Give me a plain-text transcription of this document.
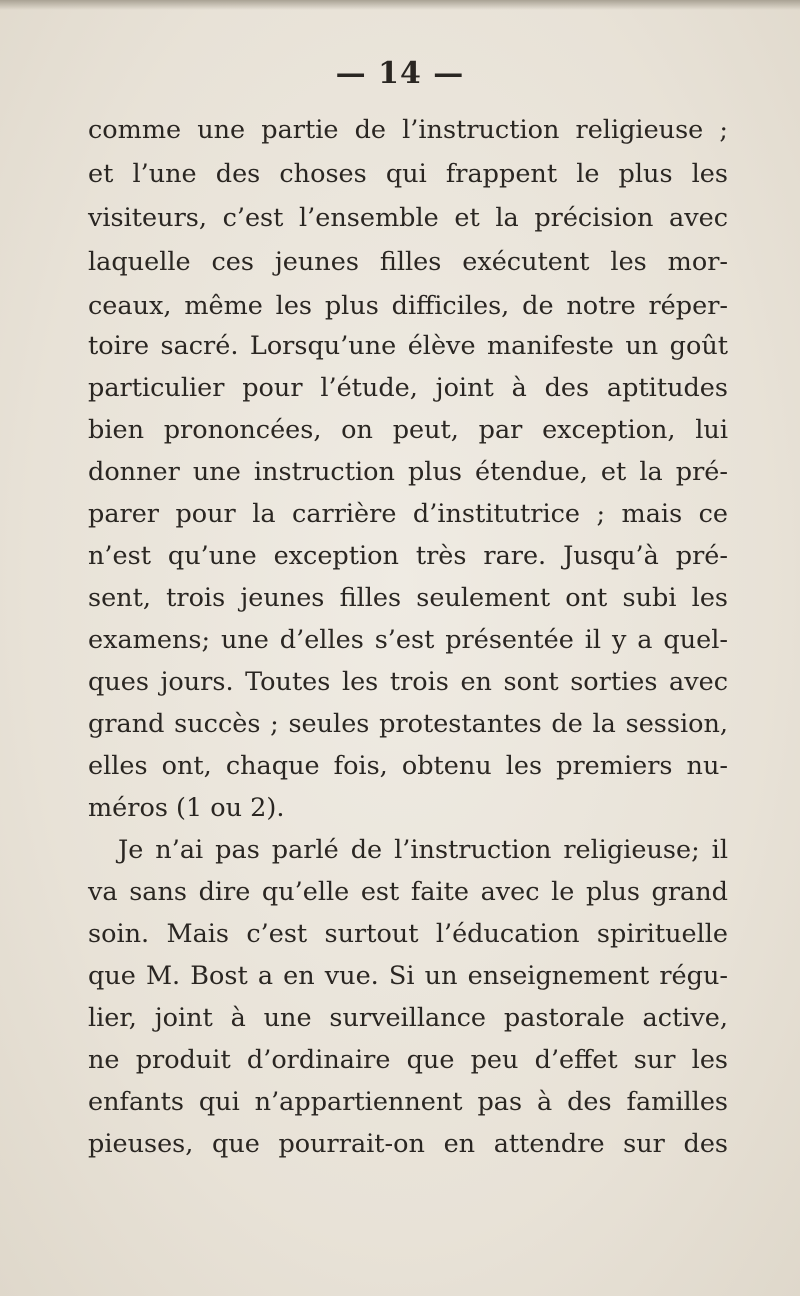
— 14 —
comme une partie de l’instruction religieuse ;
et l’une des choses qui frappent le plus les
visiteurs, c’est l’ensemble et la précision avec
laquelle ces jeunes filles exécutent les mor-
ceaux, même les plus difficiles, de notre réper-
toire sacré. Lorsqu’une élève manifeste un goût
particulier pour l’étude, joint à des aptitudes
bien prononcées, on peut, par exception, lui
donner une instruction plus étendue, et la pré-
parer pour la carrière d’institutrice ; mais ce
n’est qu’une exception très rare. Jusqu’à pré-
sent, trois jeunes filles seulement ont subi les
examens; une d’elles s’est présentée il y a quel-
ques jours. Toutes les trois en sont sorties avec
grand succès ; seules protestantes de la session,
elles ont, chaque fois, obtenu les premiers nu-
méros (1 ou 2).
Je n’ai pas parlé de l’instruction religieuse; il
va sans dire qu’elle est faite avec le plus grand
soin. Mais c’est surtout l’éducation spirituelle
que M. Bost a en vue. Si un enseignement régu-
lier, joint à une surveillance pastorale active,
ne produit d’ordinaire que peu d’effet sur les
enfants qui n’appartiennent pas à des familles
pieuses, que pourrait-on en attendre sur des
